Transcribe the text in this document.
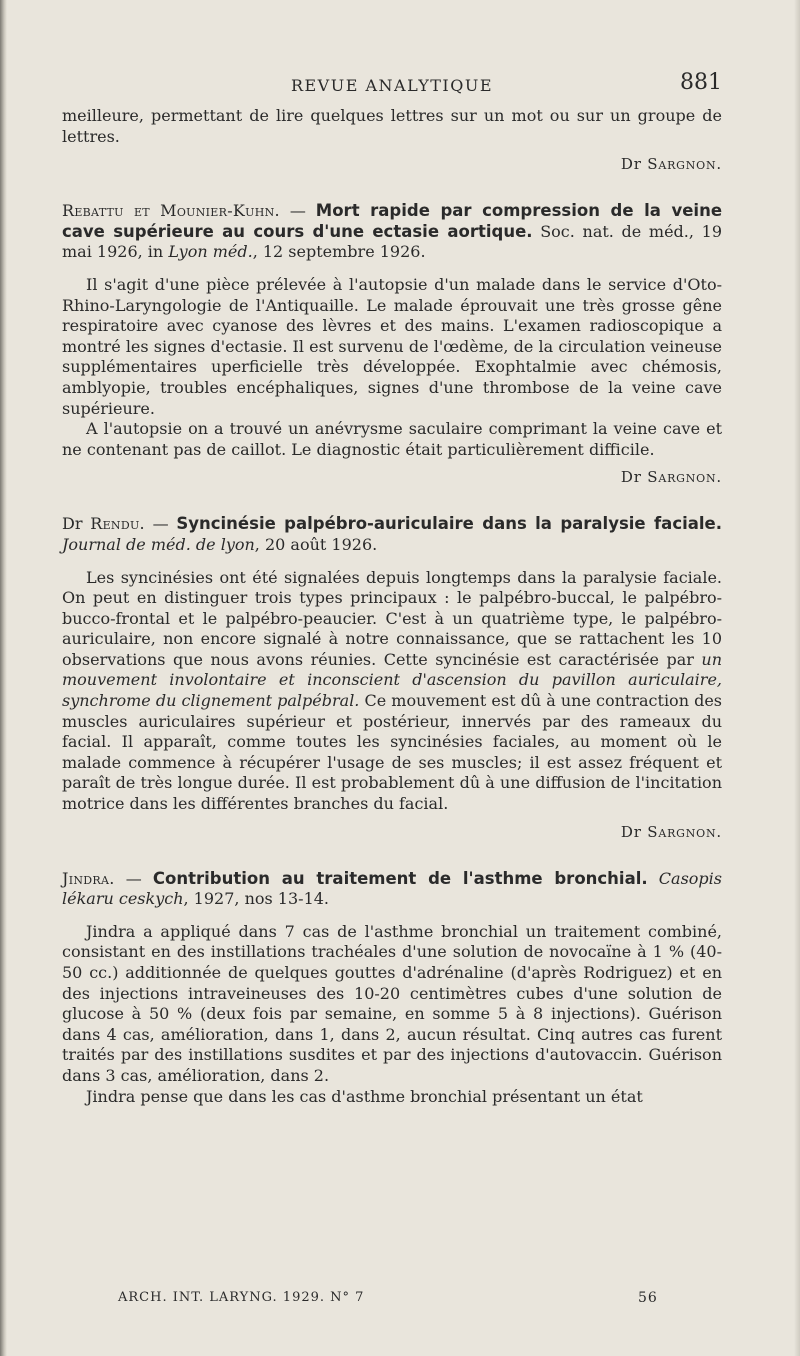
REVUE ANALYTIQUE	881

meilleure, permettant de lire quelques lettres sur un mot ou sur un groupe de lettres.

Dr Sargnon.

Rebattu et Mounier-Kuhn. — Mort rapide par compression de la veine cave supérieure au cours d'une ectasie aortique. Soc. nat. de méd., 19 mai 1926, in Lyon méd., 12 septembre 1926.

Il s'agit d'une pièce prélevée à l'autopsie d'un malade dans le service d'Oto-Rhino-Laryngologie de l'Antiquaille. Le malade éprouvait une très grosse gêne respiratoire avec cyanose des lèvres et des mains. L'examen radioscopique a montré les signes d'ectasie. Il est survenu de l'œdème, de la circulation veineuse supplémentaires uperficielle très développée. Exophtalmie avec chémosis, amblyopie, troubles encéphaliques, signes d'une thrombose de la veine cave supérieure.

A l'autopsie on a trouvé un anévrysme saculaire comprimant la veine cave et ne contenant pas de caillot. Le diagnostic était particulièrement difficile.

Dr Sargnon.

Dr Rendu. — Syncinésie palpébro-auriculaire dans la paralysie faciale. Journal de méd. de lyon, 20 août 1926.

Les syncinésies ont été signalées depuis longtemps dans la paralysie faciale. On peut en distinguer trois types principaux : le palpébro-buccal, le palpébro-bucco-frontal et le palpébro-peaucier. C'est à un quatrième type, le palpébro-auriculaire, non encore signalé à notre connaissance, que se rattachent les 10 observations que nous avons réunies. Cette syncinésie est caractérisée par un mouvement involontaire et inconscient d'ascension du pavillon auriculaire, synchrome du clignement palpébral. Ce mouvement est dû à une contraction des muscles auriculaires supérieur et postérieur, innervés par des rameaux du facial. Il apparaît, comme toutes les syncinésies faciales, au moment où le malade commence à récupérer l'usage de ses muscles; il est assez fréquent et paraît de très longue durée. Il est probablement dû à une diffusion de l'incitation motrice dans les différentes branches du facial.

Dr Sargnon.

Jindra. — Contribution au traitement de l'asthme bronchial. Casopis lékaru ceskych, 1927, nos 13-14.

Jindra a appliqué dans 7 cas de l'asthme bronchial un traitement combiné, consistant en des instillations trachéales d'une solution de novocaïne à 1 % (40-50 cc.) additionnée de quelques gouttes d'adrénaline (d'après Rodriguez) et en des injections intraveineuses des 10-20 centimètres cubes d'une solution de glucose à 50 % (deux fois par semaine, en somme 5 à 8 injections). Guérison dans 4 cas, amélioration, dans 1, dans 2, aucun résultat. Cinq autres cas furent traités par des instillations susdites et par des injections d'autovaccin. Guérison dans 3 cas, amélioration, dans 2.

Jindra pense que dans les cas d'asthme bronchial présentant un état

ARCH. INT. LARYNG. 1929. N° 7	56
